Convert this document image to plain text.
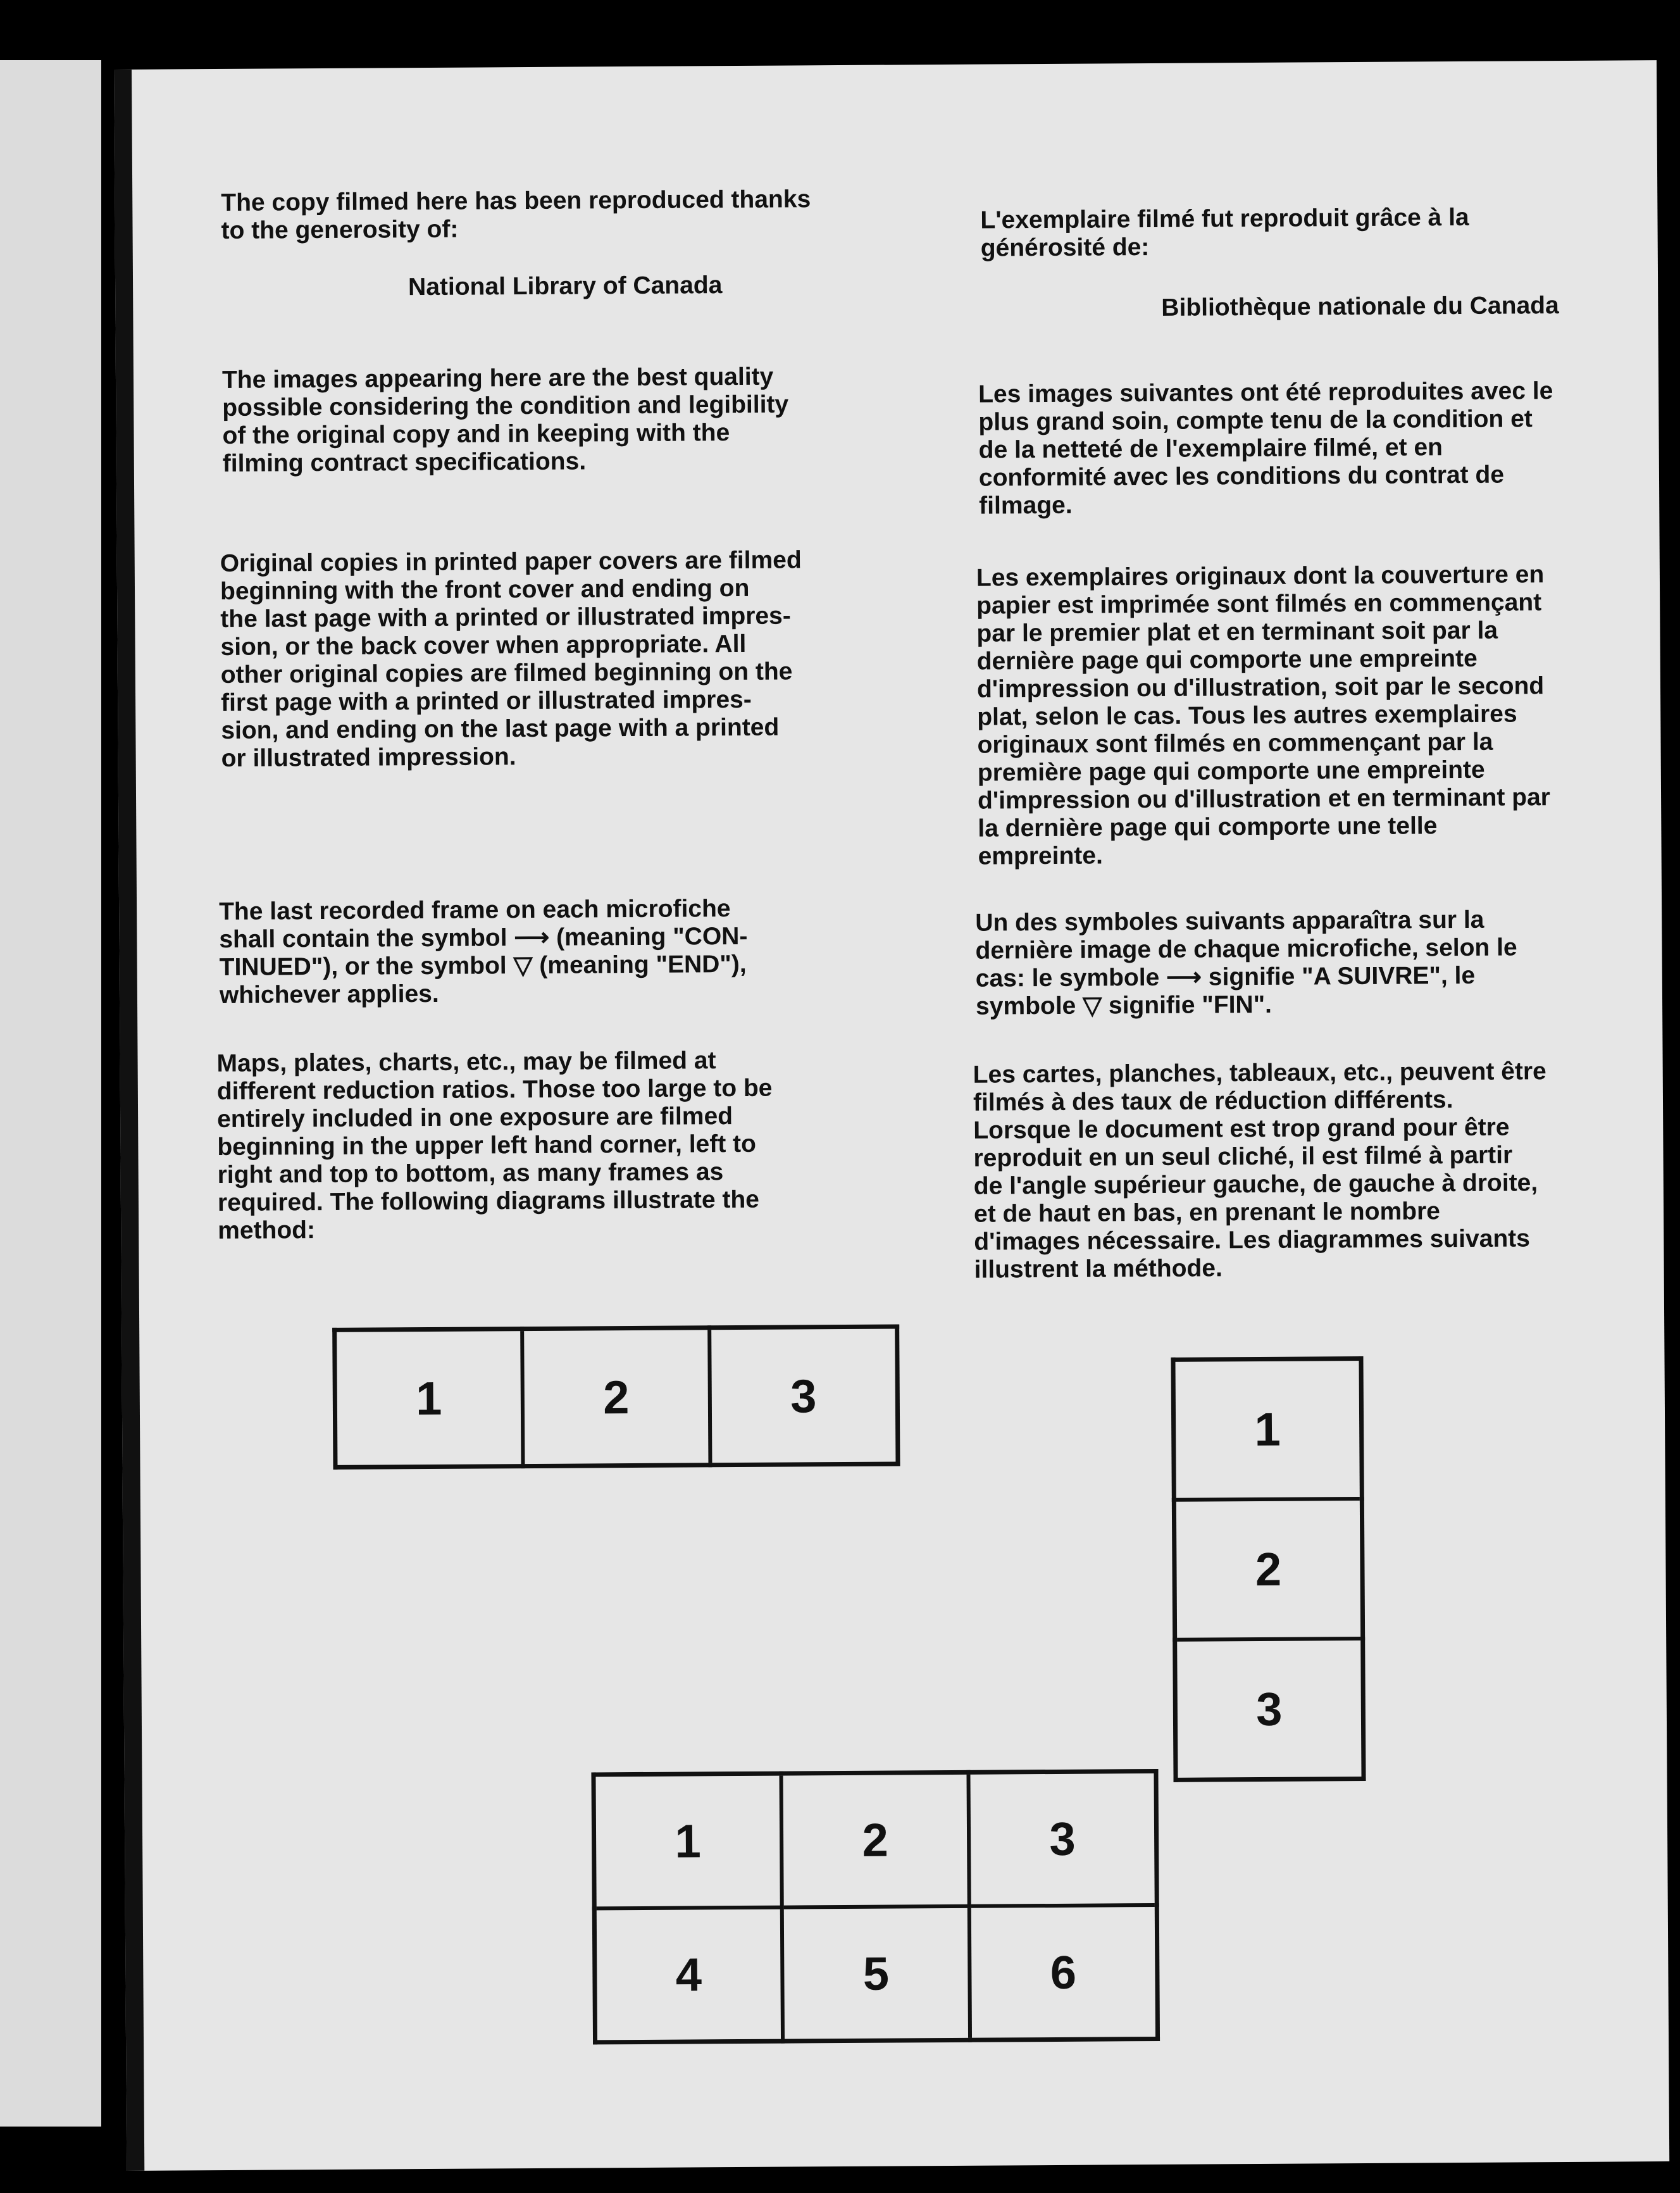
The copy filmed here has been reproduced thanks
to the generosity of:

National Library of Canada

The images appearing here are the best quality
possible considering the condition and legibility
of the original copy and in keeping with the
filming contract specifications.

Original copies in printed paper covers are filmed
beginning with the front cover and ending on
the last page with a printed or illustrated impres-
sion, or the back cover when appropriate. All
other original copies are filmed beginning on the
first page with a printed or illustrated impres-
sion, and ending on the last page with a printed
or illustrated impression.

The last recorded frame on each microfiche
shall contain the symbol ⟶ (meaning "CON-
TINUED"), or the symbol ▽ (meaning "END"),
whichever applies.

Maps, plates, charts, etc., may be filmed at
different reduction ratios. Those too large to be
entirely included in one exposure are filmed
beginning in the upper left hand corner, left to
right and top to bottom, as many frames as
required. The following diagrams illustrate the
method:

L'exemplaire filmé fut reproduit grâce à la
générosité de:

Bibliothèque nationale du Canada

Les images suivantes ont été reproduites avec le
plus grand soin, compte tenu de la condition et
de la netteté de l'exemplaire filmé, et en
conformité avec les conditions du contrat de
filmage.

Les exemplaires originaux dont la couverture en
papier est imprimée sont filmés en commençant
par le premier plat et en terminant soit par la
dernière page qui comporte une empreinte
d'impression ou d'illustration, soit par le second
plat, selon le cas. Tous les autres exemplaires
originaux sont filmés en commençant par la
première page qui comporte une empreinte
d'impression ou d'illustration et en terminant par
la dernière page qui comporte une telle
empreinte.

Un des symboles suivants apparaîtra sur la
dernière image de chaque microfiche, selon le
cas: le symbole ⟶ signifie "A SUIVRE", le
symbole ▽ signifie "FIN".

Les cartes, planches, tableaux, etc., peuvent être
filmés à des taux de réduction différents.
Lorsque le document est trop grand pour être
reproduit en un seul cliché, il est filmé à partir
de l'angle supérieur gauche, de gauche à droite,
et de haut en bas, en prenant le nombre
d'images nécessaire. Les diagrammes suivants
illustrent la méthode.

1	2	3
1
2
3
1	2	3
4	5	6
